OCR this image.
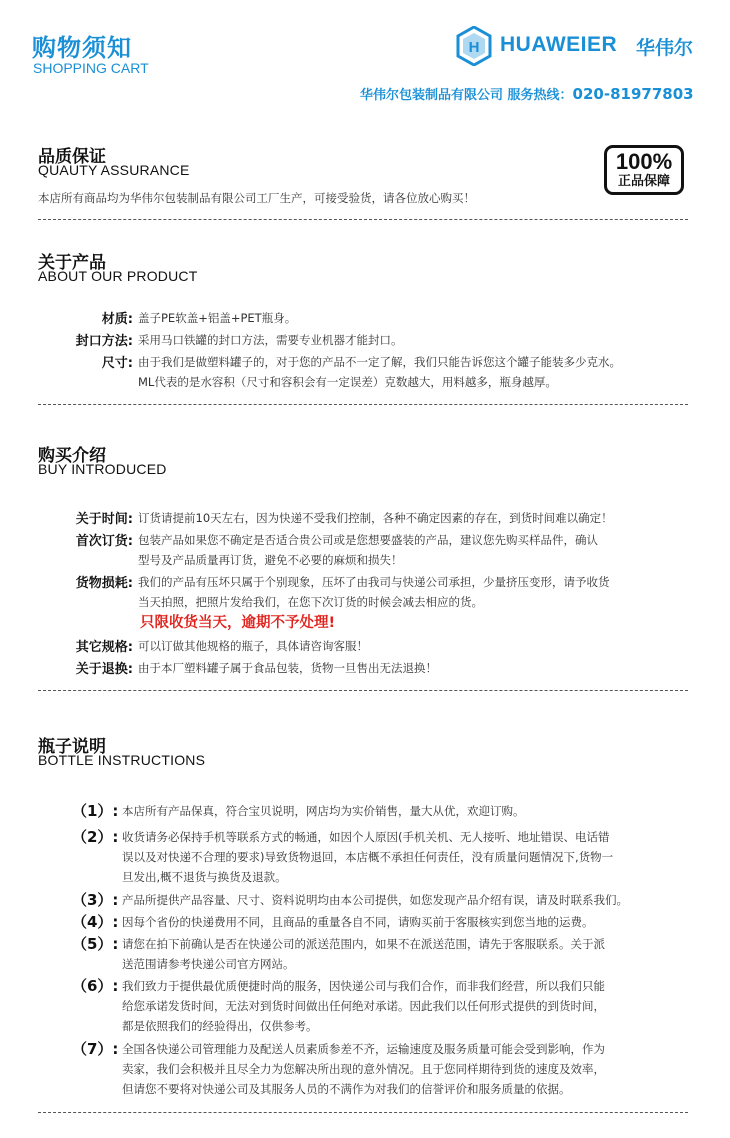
购物须知
SHOPPING CART
H HUAWEIER 华伟尔
华伟尔包装制品有限公司 服务热线：020-81977803
品质保证
QUAUTY ASSURANCE
本店所有商品均为华伟尔包装制品有限公司工厂生产，可接受验货，请各位放心购买！
100%
正品保障
关于产品
ABOUT OUR PRODUCT
材质: 盖子PE软盖+铝盖+PET瓶身。
封口方法: 采用马口铁罐的封口方法，需要专业机器才能封口。
尺寸: 由于我们是做塑料罐子的，对于您的产品不一定了解，我们只能告诉您这个罐子能装多少克水。
ML代表的是水容积（尺寸和容积会有一定误差）克数越大，用料越多，瓶身越厚。
购买介绍
BUY INTRODUCED
关于时间: 订货请提前10天左右，因为快递不受我们控制，各种不确定因素的存在，到货时间难以确定！
首次订货: 包装产品如果您不确定是否适合贵公司或是您想要盛装的产品，建议您先购买样品件，确认
型号及产品质量再订货，避免不必要的麻烦和损失！
货物损耗: 我们的产品有压坏只属于个别现象，压坏了由我司与快递公司承担，少量挤压变形，请予收货
当天拍照，把照片发给我们，在您下次订货的时候会减去相应的货。
只限收货当天，逾期不予处理!
其它规格: 可以订做其他规格的瓶子，具体请咨询客服！
关于退换: 由于本厂塑料罐子属于食品包装，货物一旦售出无法退换！
瓶子说明
BOTTLE INSTRUCTIONS
（1）: 本店所有产品保真，符合宝贝说明，网店均为实价销售，量大从优，欢迎订购。
（2）: 收货请务必保持手机等联系方式的畅通，如因个人原因(手机关机、无人接听、地址错误、电话错
误以及对快递不合理的要求)导致货物退回，本店概不承担任何责任，没有质量问题情况下,货物一
旦发出,概不退货与换货及退款。
（3）: 产品所提供产品容量、尺寸、资料说明均由本公司提供，如您发现产品介绍有误，请及时联系我们。
（4）: 因每个省份的快递费用不同，且商品的重量各自不同，请购买前于客服核实到您当地的运费。
（5）: 请您在拍下前确认是否在快递公司的派送范围内，如果不在派送范围，请先于客服联系。关于派
送范围请参考快递公司官方网站。
（6）: 我们致力于提供最优质便捷时尚的服务，因快递公司与我们合作，而非我们经营，所以我们只能
给您承诺发货时间，无法对到货时间做出任何绝对承诺。因此我们以任何形式提供的到货时间，
都是依照我们的经验得出，仅供参考。
（7）: 全国各快递公司管理能力及配送人员素质参差不齐，运输速度及服务质量可能会受到影响，作为
卖家，我们会积极并且尽全力为您解决所出现的意外情况。且于您同样期待到货的速度及效率，
但请您不要将对快递公司及其服务人员的不满作为对我们的信誉评价和服务质量的依据。
